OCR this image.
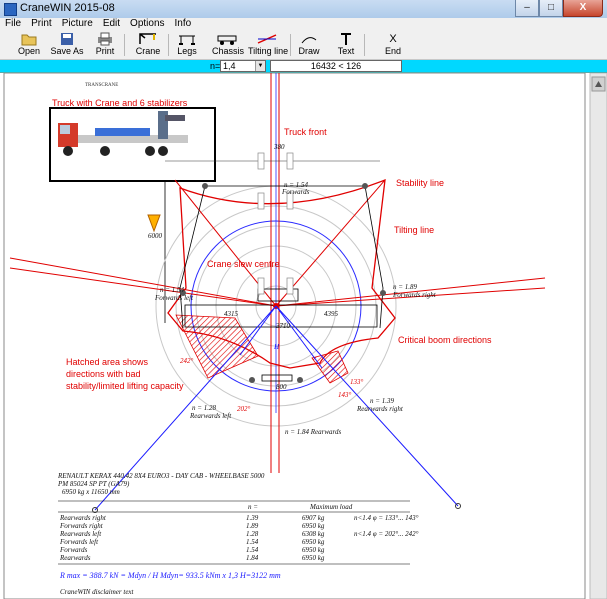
CraneWIN 2015-08	–	□	X
File	Print	Picture	Edit	Options	Info
Open	Save As	Print	Crane	Legs	Chassis Tilting line Draw	Text
X
End
n= 1,4	▼	16432 < 126
Truck with Crane and 6 stabilizers
TRANSCRANE
Truck front
Stability line
Tilting line
Crane slew centre
Critical boom directions
Hatched area shows
directions with bad
stability/limited lifting capacity
n = 1.54
Forwards
n = 1.54
Forwards left
n = 1.89
Forwards right
n = 1.28
Rearwards left
n = 1.39
Rearwards right
n = 1.84 Rearwards
242°
202°
133°
143°
380
6000
4315	4395
3710
800
H
RENAULT KERAX 440.42 8X4 EURO3 - DAY CAB - WHEELBASE 5000
PM 85024 SP PT (GA79)
6950 kg x 11650 mm
n =	Maximum load
Rearwards right	1.39	6907 kg	n<1.4 φ = 133°... 143°
Forwards right	1.89	6950 kg
Rearwards left	1.28	6308 kg	n<1.4 φ = 202°... 242°
Forwards left	1.54	6950 kg
Forwards	1.54	6950 kg
Rearwards	1.84	6950 kg
R max = 388.7 kN = Mdyn / H Mdyn= 933.5 kNm x 1,3 H=3122 mm
CraneWIN disclaimer text
